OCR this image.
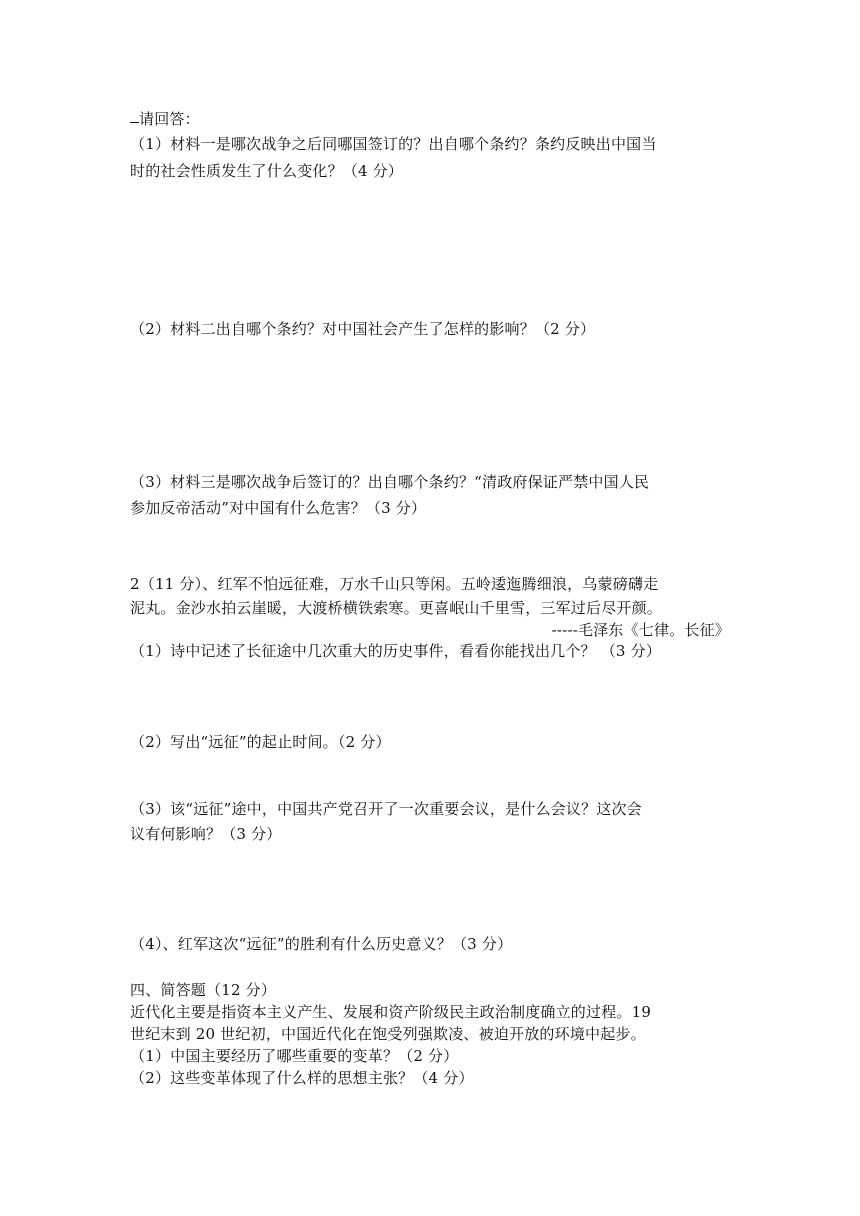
请回答：
（1）材料一是哪次战争之后同哪国签订的？出自哪个条约？条约反映出中国当
时的社会性质发生了什么变化？（4 分）
（2）材料二出自哪个条约？对中国社会产生了怎样的影响？（2 分）
（3）材料三是哪次战争后签订的？出自哪个条约？“清政府保证严禁中国人民
参加反帝活动”对中国有什么危害？（3 分）
2（11 分）、红军不怕远征难，万水千山只等闲。五岭逶迤腾细浪，乌蒙磅礴走
泥丸。金沙水拍云崖暖，大渡桥横铁索寒。更喜岷山千里雪，三军过后尽开颜。
-----毛泽东《七律。长征》
（1）诗中记述了长征途中几次重大的历史事件，看看你能找出几个？ （3 分）
（2）写出“远征”的起止时间。（2 分）
（3）该“远征”途中，中国共产党召开了一次重要会议，是什么会议？这次会
议有何影响？（3 分）
（4）、红军这次“远征”的胜利有什么历史意义？（3 分）
四、简答题（12 分）
近代化主要是指资本主义产生、发展和资产阶级民主政治制度确立的过程。19
世纪末到 20 世纪初，中国近代化在饱受列强欺凌、被迫开放的环境中起步。
（1）中国主要经历了哪些重要的变革？（2 分）
（2）这些变革体现了什么样的思想主张？（4 分）
